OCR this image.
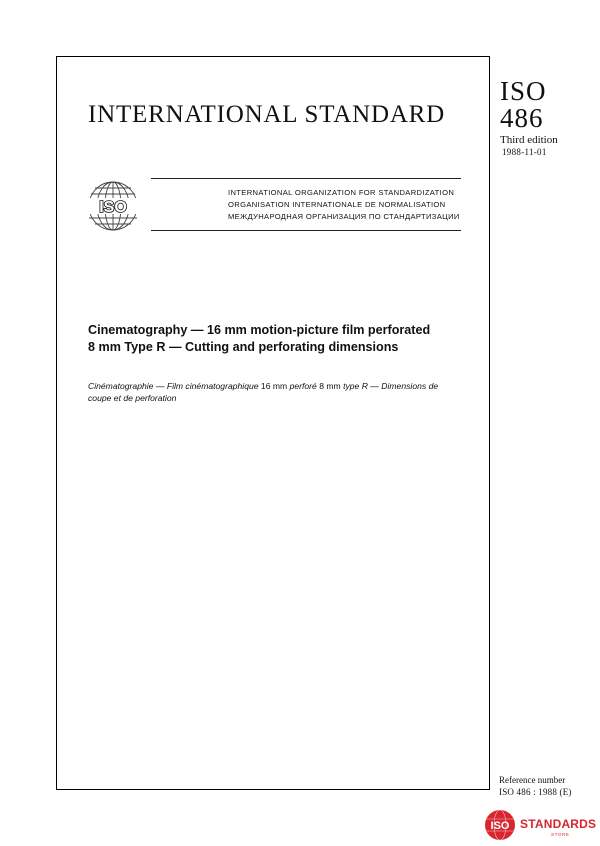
INTERNATIONAL STANDARD
ISO
486
Third edition
1988-11-01
ISO
INTERNATIONAL ORGANIZATION FOR STANDARDIZATION
ORGANISATION INTERNATIONALE DE NORMALISATION
МЕЖДУНАРОДНАЯ ОРГАНИЗАЦИЯ ПО СТАНДАРТИЗАЦИИ
Cinematography — 16 mm motion-picture film perforated
8 mm Type R — Cutting and perforating dimensions
Cinématographie — Film cinématographique 16 mm perforé 8 mm type R — Dimensions de
coupe et de perforation
Reference number
ISO 486 : 1988 (E)
ISO STANDARDS
STORE
